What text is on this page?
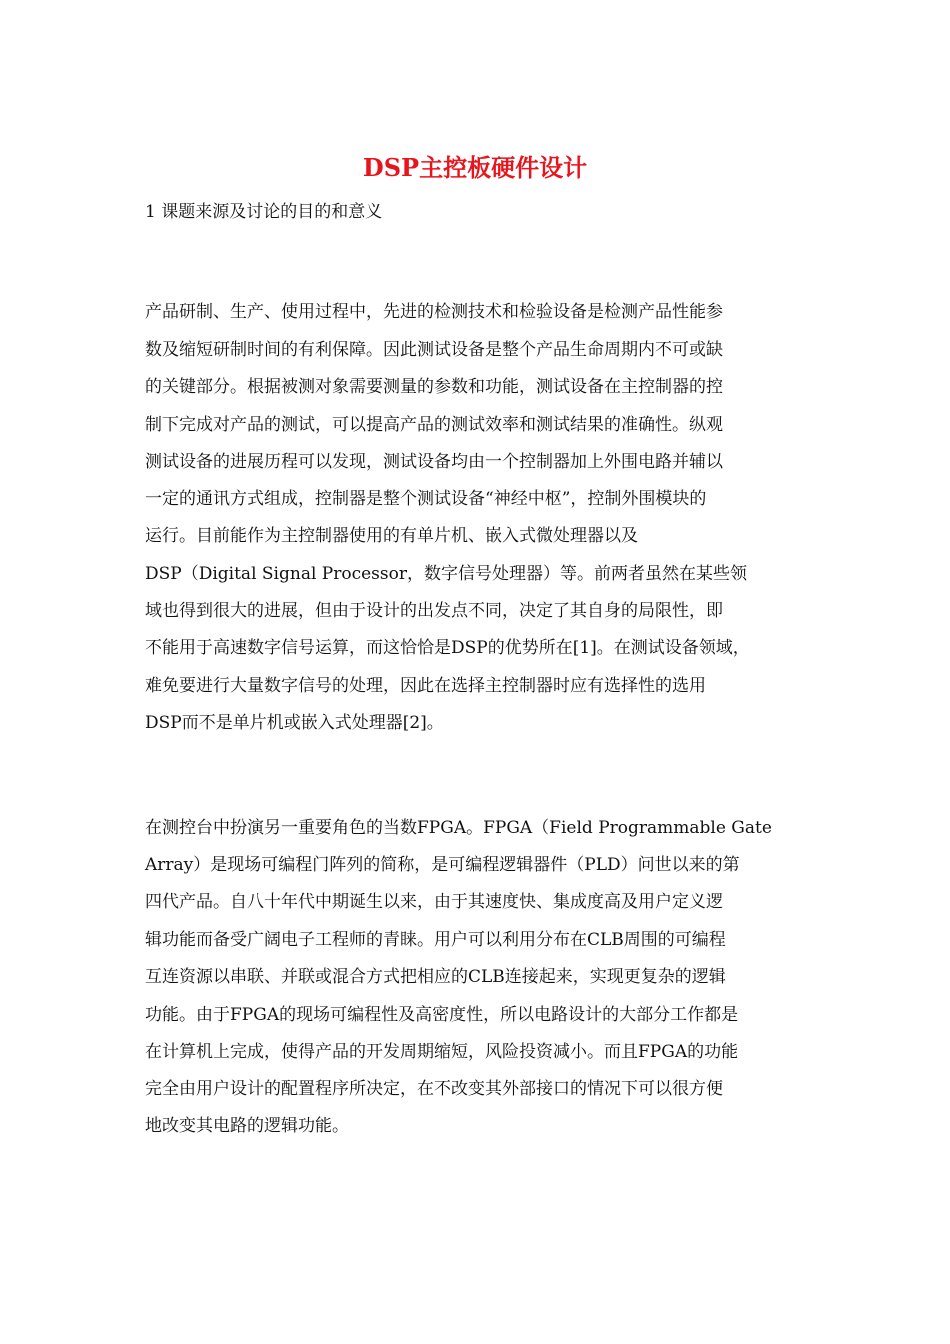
DSP主控板硬件设计

1 课题来源及讨论的目的和意义

产品研制、生产、使用过程中，先进的检测技术和检验设备是检测产品性能参

数及缩短研制时间的有利保障。因此测试设备是整个产品生命周期内不可或缺

的关键部分。根据被测对象需要测量的参数和功能，测试设备在主控制器的控

制下完成对产品的测试，可以提高产品的测试效率和测试结果的准确性。纵观

测试设备的进展历程可以发现，测试设备均由一个控制器加上外围电路并辅以

一定的通讯方式组成，控制器是整个测试设备“神经中枢”，控制外围模块的

运行。目前能作为主控制器使用的有单片机、嵌入式微处理器以及

DSP（Digital Signal Processor，数字信号处理器）等。前两者虽然在某些领

域也得到很大的进展，但由于设计的出发点不同，决定了其自身的局限性，即

不能用于高速数字信号运算，而这恰恰是DSP的优势所在[1]。在测试设备领域，

难免要进行大量数字信号的处理，因此在选择主控制器时应有选择性的选用

DSP而不是单片机或嵌入式处理器[2]。

在测控台中扮演另一重要角色的当数FPGA。FPGA（Field Programmable Gate

Array）是现场可编程门阵列的简称，是可编程逻辑器件（PLD）问世以来的第

四代产品。自八十年代中期诞生以来，由于其速度快、集成度高及用户定义逻

辑功能而备受广阔电子工程师的青睐。用户可以利用分布在CLB周围的可编程

互连资源以串联、并联或混合方式把相应的CLB连接起来，实现更复杂的逻辑

功能。由于FPGA的现场可编程性及高密度性，所以电路设计的大部分工作都是

在计算机上完成，使得产品的开发周期缩短，风险投资减小。而且FPGA的功能

完全由用户设计的配置程序所决定，在不改变其外部接口的情况下可以很方便

地改变其电路的逻辑功能。
